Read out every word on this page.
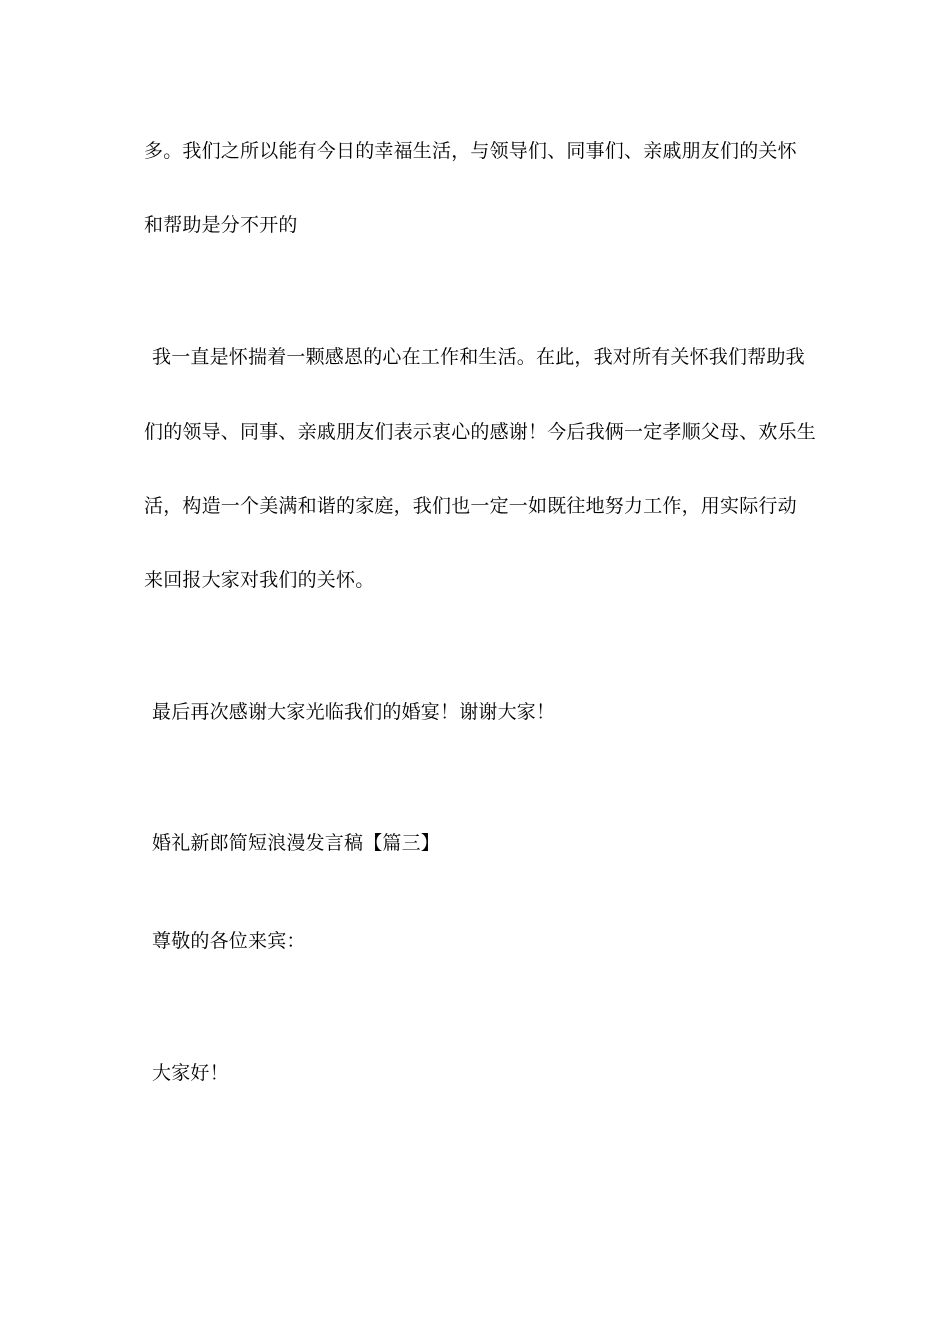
多。我们之所以能有今日的幸福生活，与领导们、同事们、亲戚朋友们的关怀
和帮助是分不开的
我一直是怀揣着一颗感恩的心在工作和生活。在此，我对所有关怀我们帮助我
们的领导、同事、亲戚朋友们表示衷心的感谢！今后我俩一定孝顺父母、欢乐生
活，构造一个美满和谐的家庭，我们也一定一如既往地努力工作，用实际行动
来回报大家对我们的关怀。
最后再次感谢大家光临我们的婚宴！谢谢大家！
婚礼新郎简短浪漫发言稿【篇三】
尊敬的各位来宾：
大家好！
